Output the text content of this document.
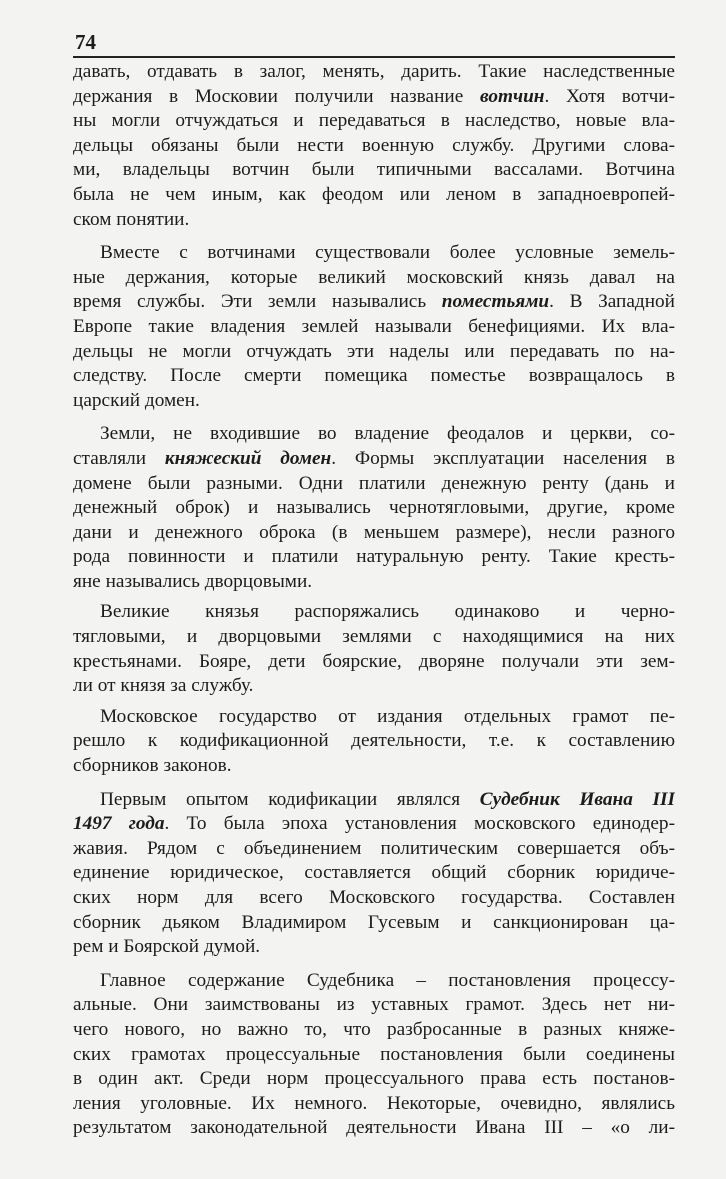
74
давать, отдавать в залог, менять, дарить. Такие наследственные
держания в Московии получили название вотчин. Хотя вотчи-
ны могли отчуждаться и передаваться в наследство, новые вла-
дельцы обязаны были нести военную службу. Другими слова-
ми, владельцы вотчин были типичными вассалами. Вотчина
была не чем иным, как феодом или леном в западноевропей-
ском понятии.
Вместе с вотчинами существовали более условные земель-
ные держания, которые великий московский князь давал на
время службы. Эти земли назывались поместьями. В Западной
Европе такие владения землей называли бенефициями. Их вла-
дельцы не могли отчуждать эти наделы или передавать по на-
следству. После смерти помещика поместье возвращалось в
царский домен.
Земли, не входившие во владение феодалов и церкви, со-
ставляли княжеский домен. Формы эксплуатации населения в
домене были разными. Одни платили денежную ренту (дань и
денежный оброк) и назывались чернотягловыми, другие, кроме
дани и денежного оброка (в меньшем размере), несли разного
рода повинности и платили натуральную ренту. Такие кресть-
яне назывались дворцовыми.
Великие князья распоряжались одинаково и черно-
тягловыми, и дворцовыми землями с находящимися на них
крестьянами. Бояре, дети боярские, дворяне получали эти зем-
ли от князя за службу.
Московское государство от издания отдельных грамот пе-
решло к кодификационной деятельности, т.е. к составлению
сборников законов.
Первым опытом кодификации являлся Судебник Ивана III
1497 года. То была эпоха установления московского единодер-
жавия. Рядом с объединением политическим совершается объ-
единение юридическое, составляется общий сборник юридиче-
ских норм для всего Московского государства. Составлен
сборник дьяком Владимиром Гусевым и санкционирован ца-
рем и Боярской думой.
Главное содержание Судебника – постановления процессу-
альные. Они заимствованы из уставных грамот. Здесь нет ни-
чего нового, но важно то, что разбросанные в разных княже-
ских грамотах процессуальные постановления были соединены
в один акт. Среди норм процессуального права есть постанов-
ления уголовные. Их немного. Некоторые, очевидно, являлись
результатом законодательной деятельности Ивана III – «о ли-
